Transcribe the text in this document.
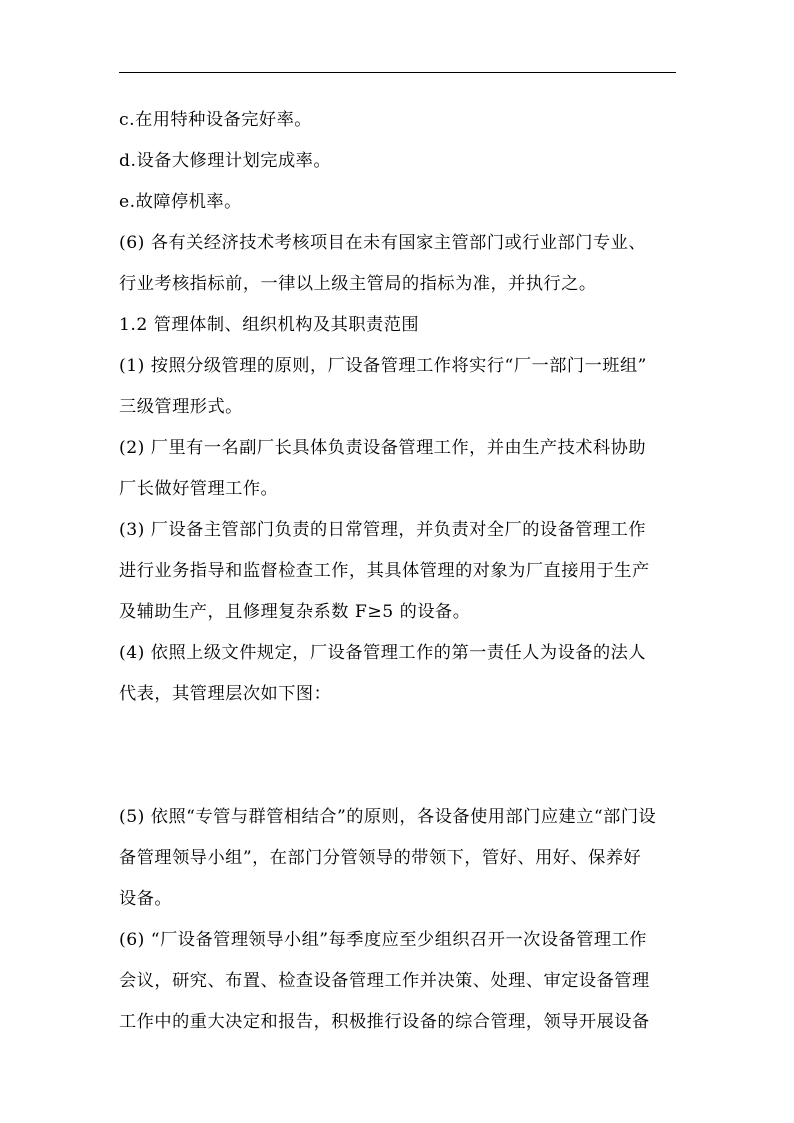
c.在用特种设备完好率。
d.设备大修理计划完成率。
e.故障停机率。
(6) 各有关经济技术考核项目在未有国家主管部门或行业部门专业、
行业考核指标前，一律以上级主管局的指标为准，并执行之。
1.2 管理体制、组织机构及其职责范围
(1) 按照分级管理的原则，厂设备管理工作将实行“厂一部门一班组”
三级管理形式。
(2) 厂里有一名副厂长具体负责设备管理工作，并由生产技术科协助
厂长做好管理工作。
(3) 厂设备主管部门负责的日常管理，并负责对全厂的设备管理工作
进行业务指导和监督检查工作，其具体管理的对象为厂直接用于生产
及辅助生产，且修理复杂系数 F≥5 的设备。
(4) 依照上级文件规定，厂设备管理工作的第一责任人为设备的法人
代表，其管理层次如下图：
(5) 依照“专管与群管相结合”的原则，各设备使用部门应建立“部门设
备管理领导小组”，在部门分管领导的带领下，管好、用好、保养好
设备。
(6) “厂设备管理领导小组”每季度应至少组织召开一次设备管理工作
会议，研究、布置、检查设备管理工作并决策、处理、审定设备管理
工作中的重大决定和报告，积极推行设备的综合管理，领导开展设备
